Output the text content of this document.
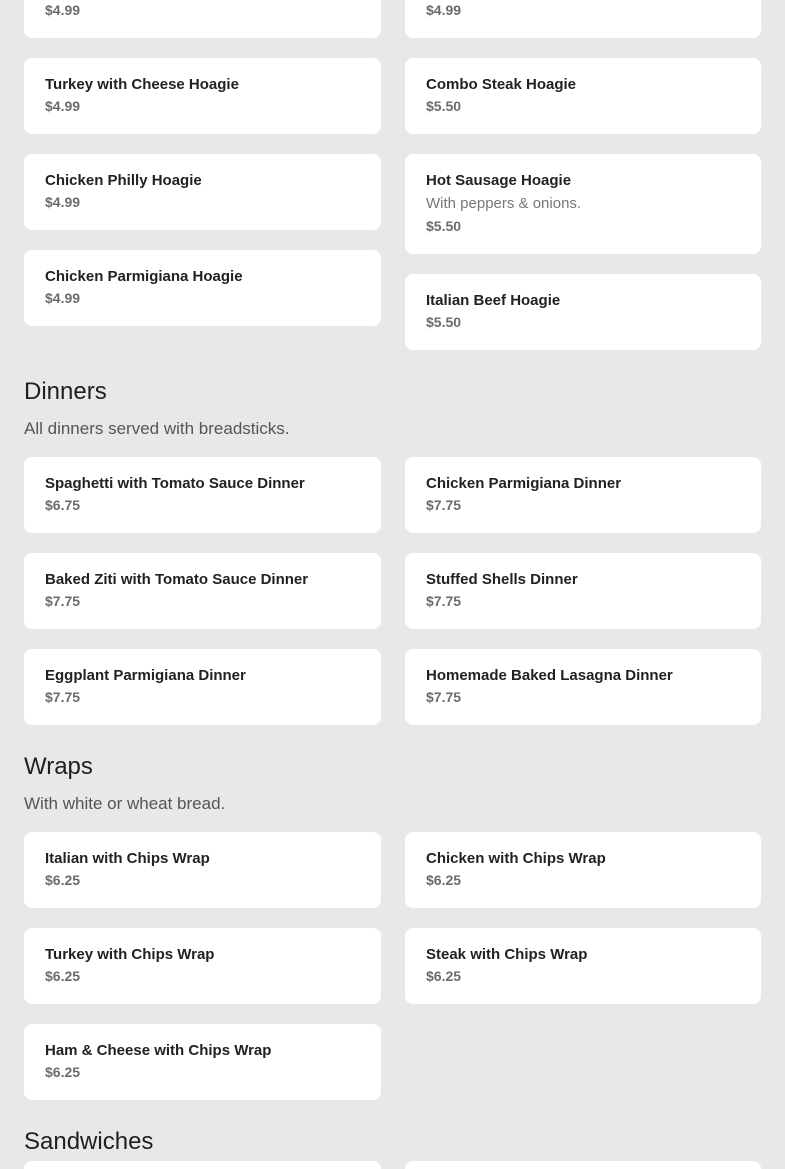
$4.99	$4.99
Turkey with Cheese Hoagie
$4.99
Combo Steak Hoagie
$5.50
Chicken Philly Hoagie
$4.99
Hot Sausage Hoagie
With peppers & onions.
$5.50
Chicken Parmigiana Hoagie
$4.99	Italian Beef Hoagie
$5.50
Dinners
All dinners served with breadsticks.
Spaghetti with Tomato Sauce Dinner
$6.75
Chicken Parmigiana Dinner
$7.75
Baked Ziti with Tomato Sauce Dinner
$7.75
Stuffed Shells Dinner
$7.75
Eggplant Parmigiana Dinner
$7.75
Homemade Baked Lasagna Dinner
$7.75
Wraps
With white or wheat bread.
Italian with Chips Wrap
$6.25
Chicken with Chips Wrap
$6.25
Turkey with Chips Wrap
$6.25
Steak with Chips Wrap
$6.25
Ham & Cheese with Chips Wrap
$6.25
Sandwiches
